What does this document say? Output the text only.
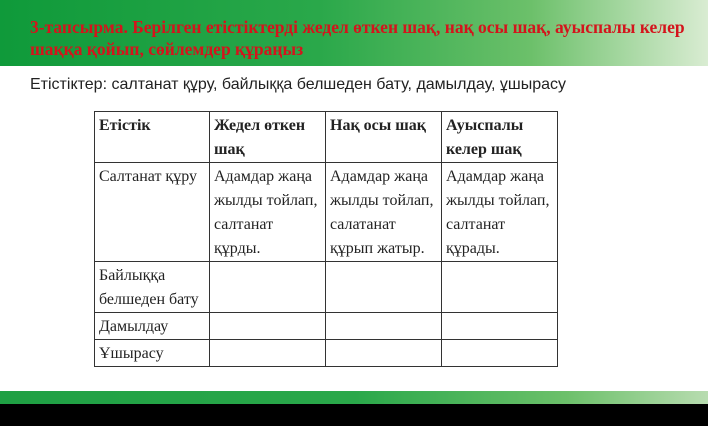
3-тапсырма. Берілген етістіктерді жедел өткен шақ, нақ осы шақ, ауыспалы келер шаққа қойып, сөйлемдер құраңыз
Етістіктер: салтанат құру, байлыққа белшеден бату, дамылдау, ұшырасу
Етістік	Жедел өткен шақ	Нақ осы шақ	Ауыспалы келер шақ
Салтанат құру	Адамдар жаңа жылды тойлап, салтанат құрды.	Адамдар жаңа жылды тойлап, салатанат құрып жатыр.	Адамдар жаңа жылды тойлап, салтанат құрады.
Байлыққа белшеден бату			
Дамылдау			
Ұшырасу			
